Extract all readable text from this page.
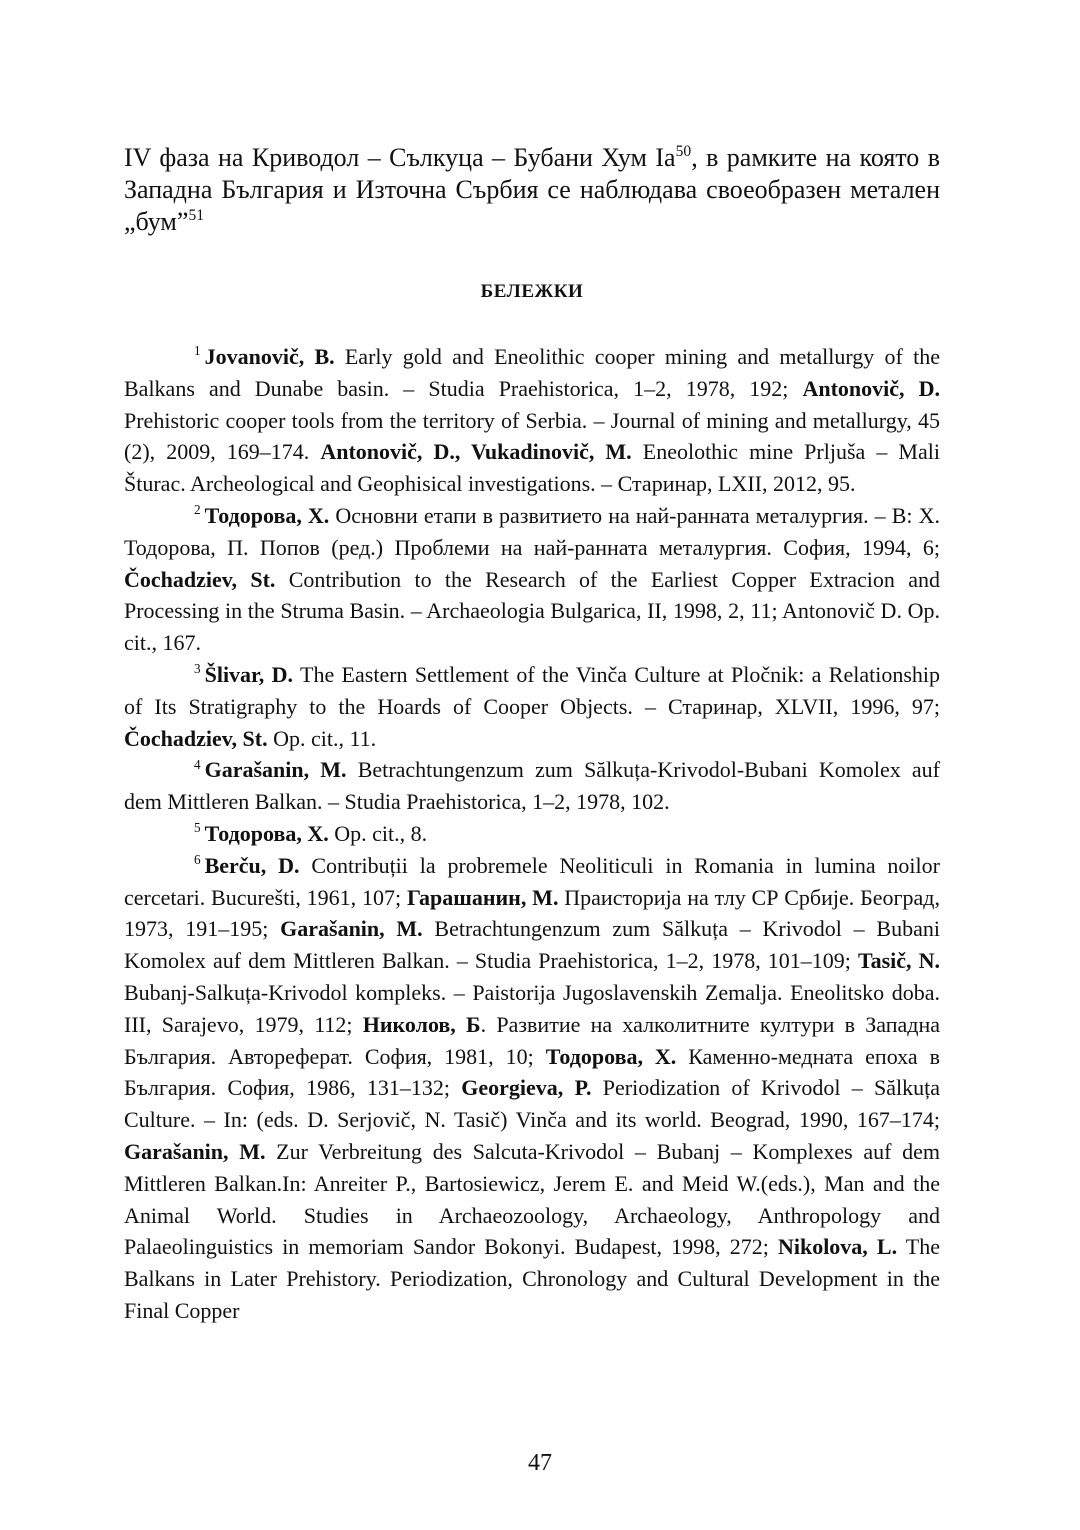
IV фаза на Криводол – Сълкуца – Бубани Хум Ia$^{50}$, в рамките на която в Западна България и Източна Сърбия се наблюдава своеобразен метален „бум”$^{51}$

БЕЛЕЖКИ

$^1$ Jovanovič, B. Early gold and Eneolithic cooper mining and metallurgy of the Balkans and Dunabe basin. – Studia Praehistorica, 1–2, 1978, 192; Antonovič, D. Prehistoric cooper tools from the territory of Serbia. – Journal of mining and metallurgy, 45 (2), 2009, 169–174. Antonovič, D., Vukadinovič, M. Eneolothic mine Prljuša – Mali Šturac. Archeological and Geophisical investigations. – Старинар, LXII, 2012, 95.

$^2$ Тодорова, Х. Основни етапи в развитието на най-ранната металургия. – В: Х. Тодорова, П. Попов (ред.) Проблеми на най-ранната металургия. София, 1994, 6; Čochadziev, St. Contribution to the Research of the Earliest Copper Extracion and Processing in the Struma Basin. – Archaeologia Bulgarica, II, 1998, 2, 11; Antonovič D. Op. cit., 167.

$^3$ Šlivar, D. The Eastern Settlement of the Vinča Culture at Pločnik: a Relationship of Its Stratigraphy to the Hoards of Cooper Objects. – Старинар, XLVII, 1996, 97; Čochadziev, St. Op. cit., 11.

$^4$ Garašanin, M. Betrachtungenzum zum Sălkuța-Krivodol-Bubani Komolex auf dem Mittleren Balkan. – Studia Praehistorica, 1–2, 1978, 102.

$^5$ Тодорова, Х. Op. cit., 8.

$^6$ Berču, D. Contribuții la probremele Neoliticuli in Romania in lumina noilor cercetari. Bucurešti, 1961, 107; Гарашанин, М. Праисторија на тлу СР Србије. Београд, 1973, 191–195; Garašanin, M. Betrachtungenzum zum Sălkuța – Krivodol – Bubani Komolex auf dem Mittleren Balkan. – Studia Praehistorica, 1–2, 1978, 101–109; Tasič, N. Bubanj-Salkuța-Krivodol kompleks. – Paistorija Jugoslavenskih Zemalja. Eneolitsko doba. III, Sarajevo, 1979, 112; Николов, Б. Развитие на халколитните култури в Западна България. Автореферат. София, 1981, 10; Тодорова, Х. Каменно-медната епоха в България. София, 1986, 131–132; Georgieva, P. Periodization of Krivodol – Sălkuța Culture. – In: (eds. D. Serjovič, N. Tasič) Vinča and its world. Beograd, 1990, 167–174; Garašanin, M. Zur Verbreitung des Salcuta-Krivodol – Bubanj – Komplexes auf dem Mittleren Balkan.In: Anreiter P., Bartosiewicz, Jerem E. and Meid W.(eds.), Man and the Animal World. Studies in Archaeozoology, Archaeology, Anthropology and Palaeolinguistics in memoriam Sandor Bokonyi. Budapest, 1998, 272; Nikolova, L. The Balkans in Later Prehistory. Periodization, Chronology and Cultural Development in the Final Copper

47
